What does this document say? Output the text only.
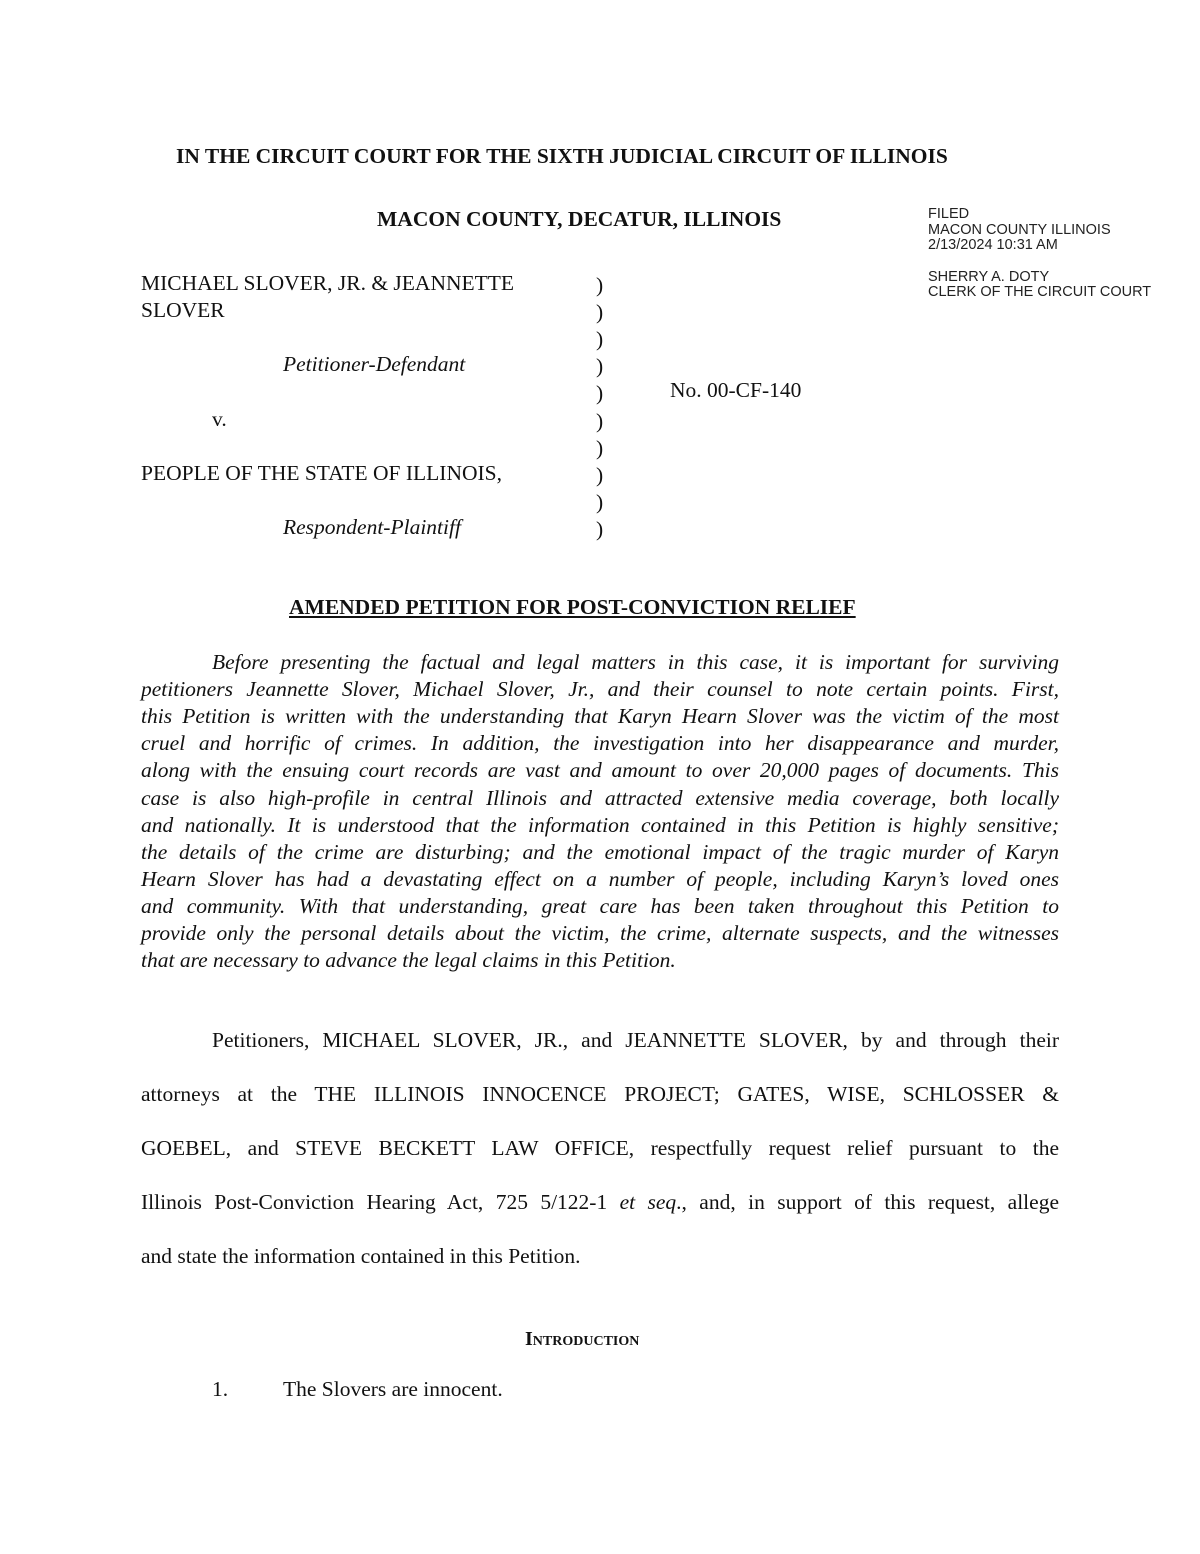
IN THE CIRCUIT COURT FOR THE SIXTH JUDICIAL CIRCUIT OF ILLINOIS
MACON COUNTY, DECATUR, ILLINOIS	FILED
MACON COUNTY ILLINOIS
2/13/2024 10:31 AM
SHERRY A. DOTY
CLERK OF THE CIRCUIT COURT
MICHAEL SLOVER, JR. & JEANNETTE
SLOVER
Petitioner-Defendant
v.
PEOPLE OF THE STATE OF ILLINOIS,
Respondent-Plaintiff
)
)
)
)
)
)
)
)
)
)
No. 00-CF-140
AMENDED PETITION FOR POST-CONVICTION RELIEF
Before presenting the factual and legal matters in this case, it is important for surviving
petitioners Jeannette Slover, Michael Slover, Jr., and their counsel to note certain points. First,
this Petition is written with the understanding that Karyn Hearn Slover was the victim of the most
cruel and horrific of crimes. In addition, the investigation into her disappearance and murder,
along with the ensuing court records are vast and amount to over 20,000 pages of documents. This
case is also high-profile in central Illinois and attracted extensive media coverage, both locally
and nationally. It is understood that the information contained in this Petition is highly sensitive;
the details of the crime are disturbing; and the emotional impact of the tragic murder of Karyn
Hearn Slover has had a devastating effect on a number of people, including Karyn’s loved ones
and community. With that understanding, great care has been taken throughout this Petition to
provide only the personal details about the victim, the crime, alternate suspects, and the witnesses
that are necessary to advance the legal claims in this Petition.
Petitioners, MICHAEL SLOVER, JR., and JEANNETTE SLOVER, by and through their
attorneys at the THE ILLINOIS INNOCENCE PROJECT; GATES, WISE, SCHLOSSER &
GOEBEL, and STEVE BECKETT LAW OFFICE, respectfully request relief pursuant to the
Illinois Post-Conviction Hearing Act, 725 5/122-1 et seq., and, in support of this request, allege
and state the information contained in this Petition.
Introduction
1.	The Slovers are innocent.
